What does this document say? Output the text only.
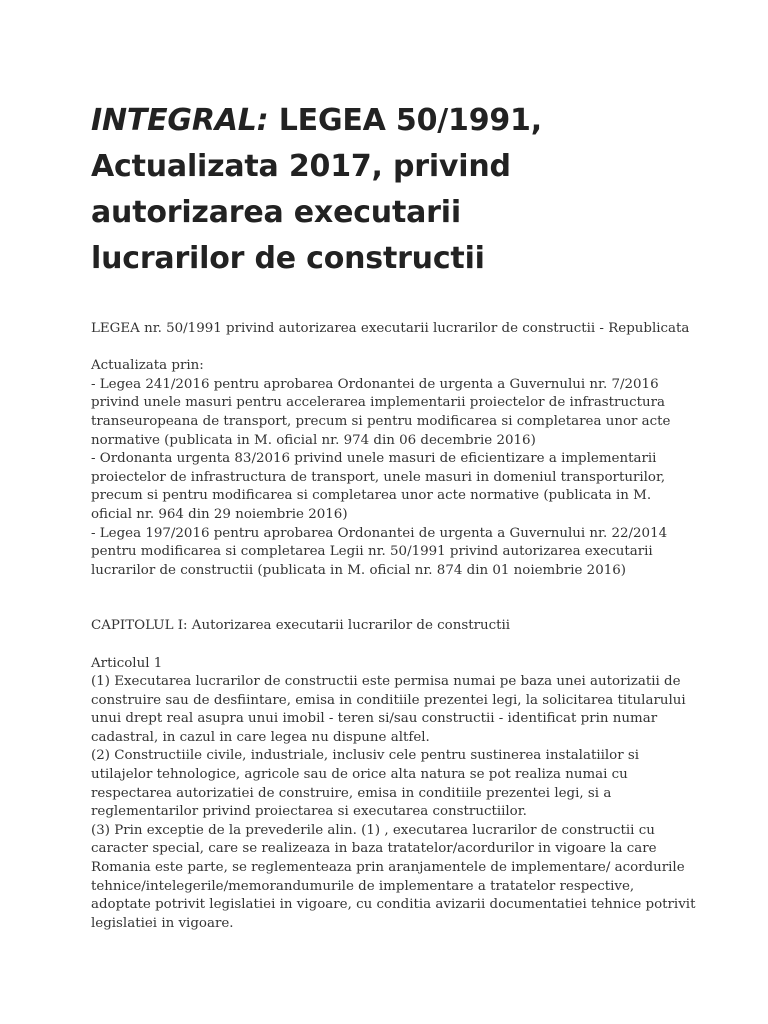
INTEGRAL: LEGEA 50/1991,
Actualizata 2017, privind
autorizarea executarii
lucrarilor de constructii
LEGEA nr. 50/1991 privind autorizarea executarii lucrarilor de constructii - Republicata
Actualizata prin:
- Legea 241/2016 pentru aprobarea Ordonantei de urgenta a Guvernului nr. 7/2016
privind unele masuri pentru accelerarea implementarii proiectelor de infrastructura
transeuropeana de transport, precum si pentru modificarea si completarea unor acte
normative (publicata in M. oficial nr. 974 din 06 decembrie 2016)
- Ordonanta urgenta 83/2016 privind unele masuri de eficientizare a implementarii
proiectelor de infrastructura de transport, unele masuri in domeniul transporturilor,
precum si pentru modificarea si completarea unor acte normative (publicata in M.
oficial nr. 964 din 29 noiembrie 2016)
- Legea 197/2016 pentru aprobarea Ordonantei de urgenta a Guvernului nr. 22/2014
pentru modificarea si completarea Legii nr. 50/1991 privind autorizarea executarii
lucrarilor de constructii (publicata in M. oficial nr. 874 din 01 noiembrie 2016)
CAPITOLUL I: Autorizarea executarii lucrarilor de constructii
Articolul 1
(1) Executarea lucrarilor de constructii este permisa numai pe baza unei autorizatii de
construire sau de desfiintare, emisa in conditiile prezentei legi, la solicitarea titularului
unui drept real asupra unui imobil - teren si/sau constructii - identificat prin numar
cadastral, in cazul in care legea nu dispune altfel.
(2) Constructiile civile, industriale, inclusiv cele pentru sustinerea instalatiilor si
utilajelor tehnologice, agricole sau de orice alta natura se pot realiza numai cu
respectarea autorizatiei de construire, emisa in conditiile prezentei legi, si a
reglementarilor privind proiectarea si executarea constructiilor.
(3) Prin exceptie de la prevederile alin. (1) , executarea lucrarilor de constructii cu
caracter special, care se realizeaza in baza tratatelor/acordurilor in vigoare la care
Romania este parte, se reglementeaza prin aranjamentele de implementare/ acordurile
tehnice/intelegerile/memorandumurile de implementare a tratatelor respective,
adoptate potrivit legislatiei in vigoare, cu conditia avizarii documentatiei tehnice potrivit
legislatiei in vigoare.
